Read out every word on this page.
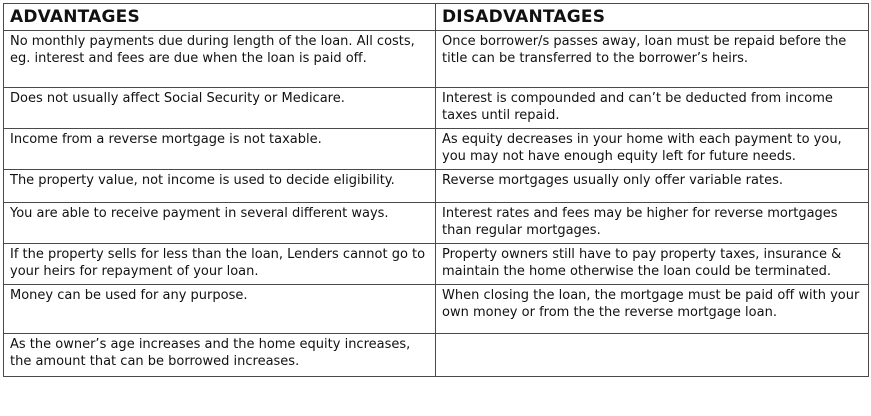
ADVANTAGES	DISADVANTAGES
No monthly payments due during length of the loan. All costs, eg. interest and fees are due when the loan is paid off.	Once borrower/s passes away, loan must be repaid before the title can be transferred to the borrower’s heirs.
Does not usually affect Social Security or Medicare.	Interest is compounded and can’t be deducted from income taxes until repaid.
Income from a reverse mortgage is not taxable.	As equity decreases in your home with each payment to you, you may not have enough equity left for future needs.
The property value, not income is used to decide eligibility.	Reverse mortgages usually only offer variable rates.
You are able to receive payment in several different ways.	Interest rates and fees may be higher for reverse mortgages than regular mortgages.
If the property sells for less than the loan, Lenders cannot go to your heirs for repayment of your loan.	Property owners still have to pay property taxes, insurance & maintain the home otherwise the loan could be terminated.
Money can be used for any purpose.	When closing the loan, the mortgage must be paid off with your own money or from the the reverse mortgage loan.
As the owner’s age increases and the home equity increases, the amount that can be borrowed increases.	
